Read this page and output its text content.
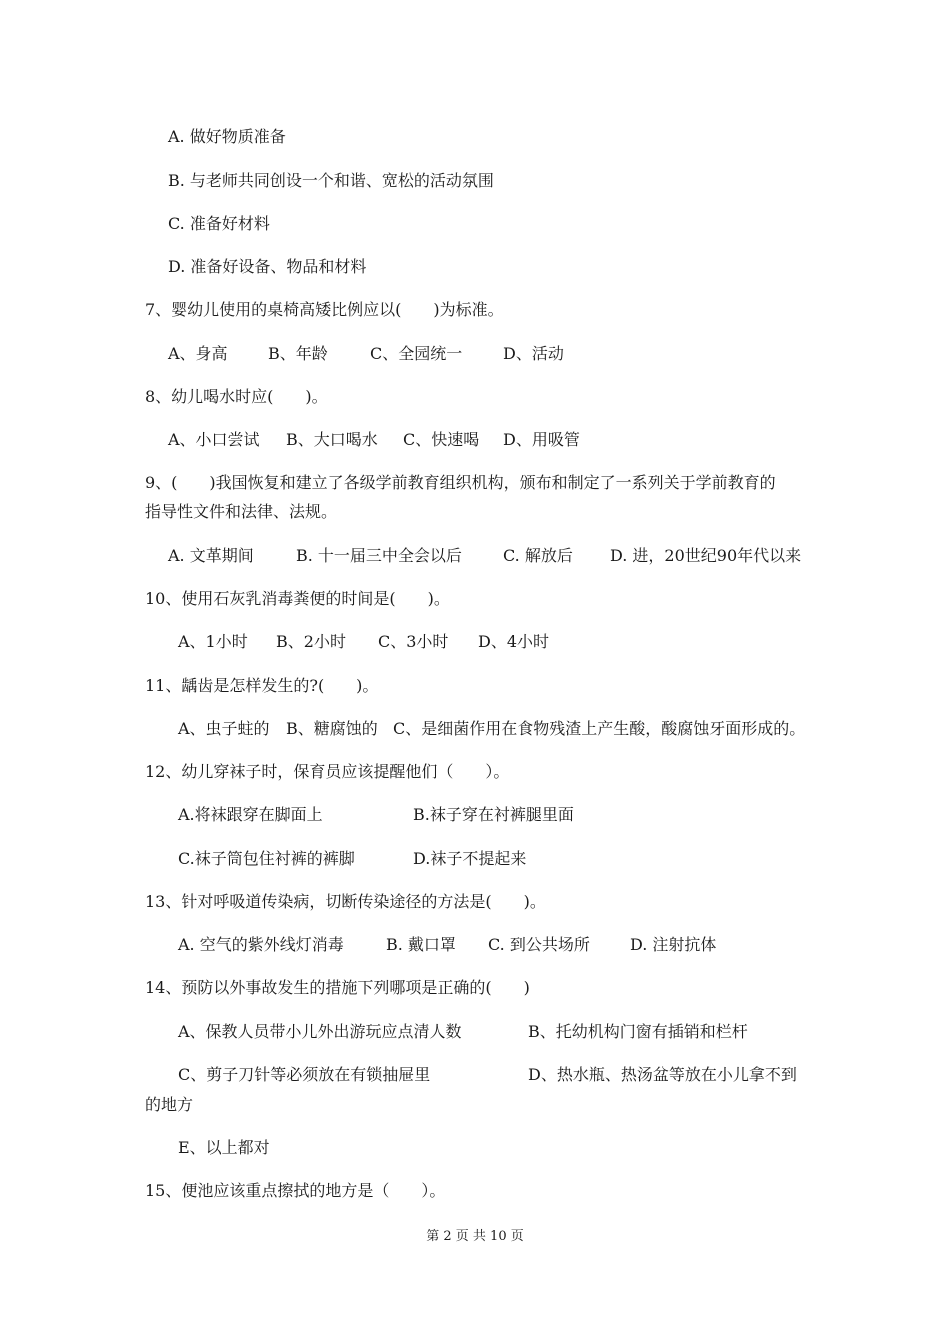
A. 做好物质准备
B. 与老师共同创设一个和谐、宽松的活动氛围
C. 准备好材料
D. 准备好设备、物品和材料
7、婴幼儿使用的桌椅高矮比例应以(　　)为标准。
A、身高	B、年龄	C、全园统一	D、活动
8、幼儿喝水时应(　　)。
A、小口尝试 B、大口喝水 C、快速喝 D、用吸管
9、(　　)我国恢复和建立了各级学前教育组织机构，颁布和制定了一系列关于学前教育的
指导性文件和法律、法规。
A. 文革期间	B. 十一届三中全会以后	C. 解放后 D. 进，20世纪90年代以来
10、使用石灰乳消毒粪便的时间是(　　)。
A、1小时 B、2小时 C、3小时 D、4小时
11、龋齿是怎样发生的?(　　)。
A、虫子蛀的 B、糖腐蚀的 C、是细菌作用在食物残渣上产生酸，酸腐蚀牙面形成的。
12、幼儿穿袜子时，保育员应该提醒他们（　　）。
A.将袜跟穿在脚面上	B.袜子穿在衬裤腿里面
C.袜子筒包住衬裤的裤脚	D.袜子不提起来
13、针对呼吸道传染病，切断传染途径的方法是(　　)。
A. 空气的紫外线灯消毒	B. 戴口罩 C. 到公共场所	D. 注射抗体
14、预防以外事故发生的措施下列哪项是正确的(　　)
A、保教人员带小儿外出游玩应点清人数	B、托幼机构门窗有插销和栏杆
C、剪子刀针等必须放在有锁抽屉里	D、热水瓶、热汤盆等放在小儿拿不到
的地方
E、以上都对
15、便池应该重点擦拭的地方是（　　）。
第 2 页 共 10 页
